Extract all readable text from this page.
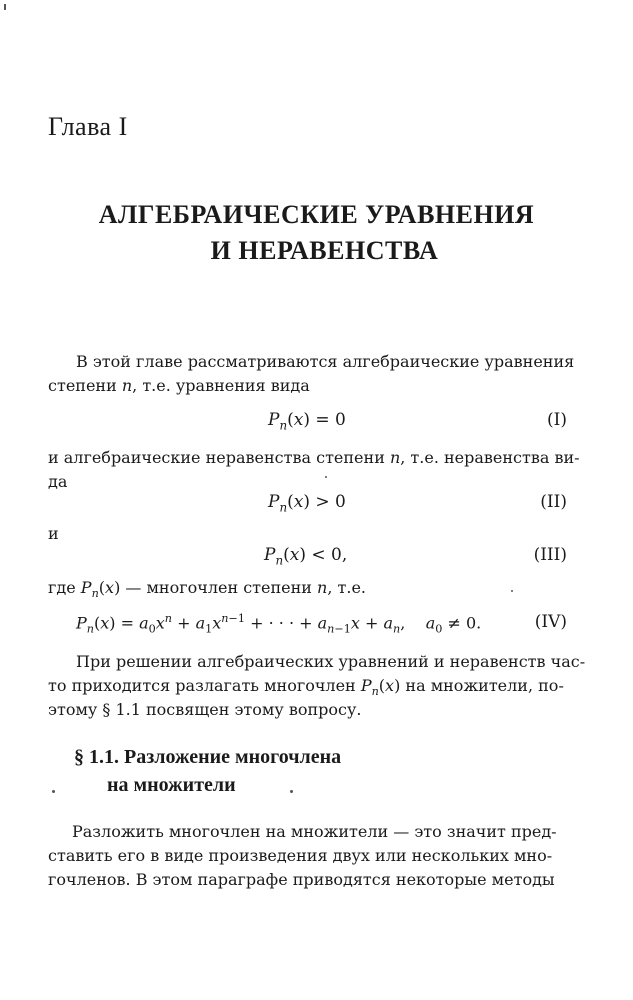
Глава I
АЛГЕБРАИЧЕСКИЕ УРАВНЕНИЯ
И НЕРАВЕНСТВА
В этой главе рассматриваются алгебраические уравнения
степени n, т.е. уравнения вида
$P_n(x) = 0$	(I)
и алгебраические неравенства степени n, т.е. неравенства ви-
да
$P_n(x) > 0$	(II)
и
$P_n(x) < 0$,	(III)
где $P_n(x)$ — многочлен степени n, т.е.
$P_n(x) = a_0x^n + a_1x^{n-1}$ + · · · + $a_{n-1}x + a_n$,    $a_0 \ne 0$.	(IV)
При решении алгебраических уравнений и неравенств час-
то приходится разлагать многочлен $P_n(x)$ на множители, по-
этому § 1.1 посвящен этому вопросу.
§ 1.1. Разложение многочлена
на множители
Разложить многочлен на множители — это значит пред-
ставить его в виде произведения двух или нескольких мно-
гочленов. В этом параграфе приводятся некоторые методы
